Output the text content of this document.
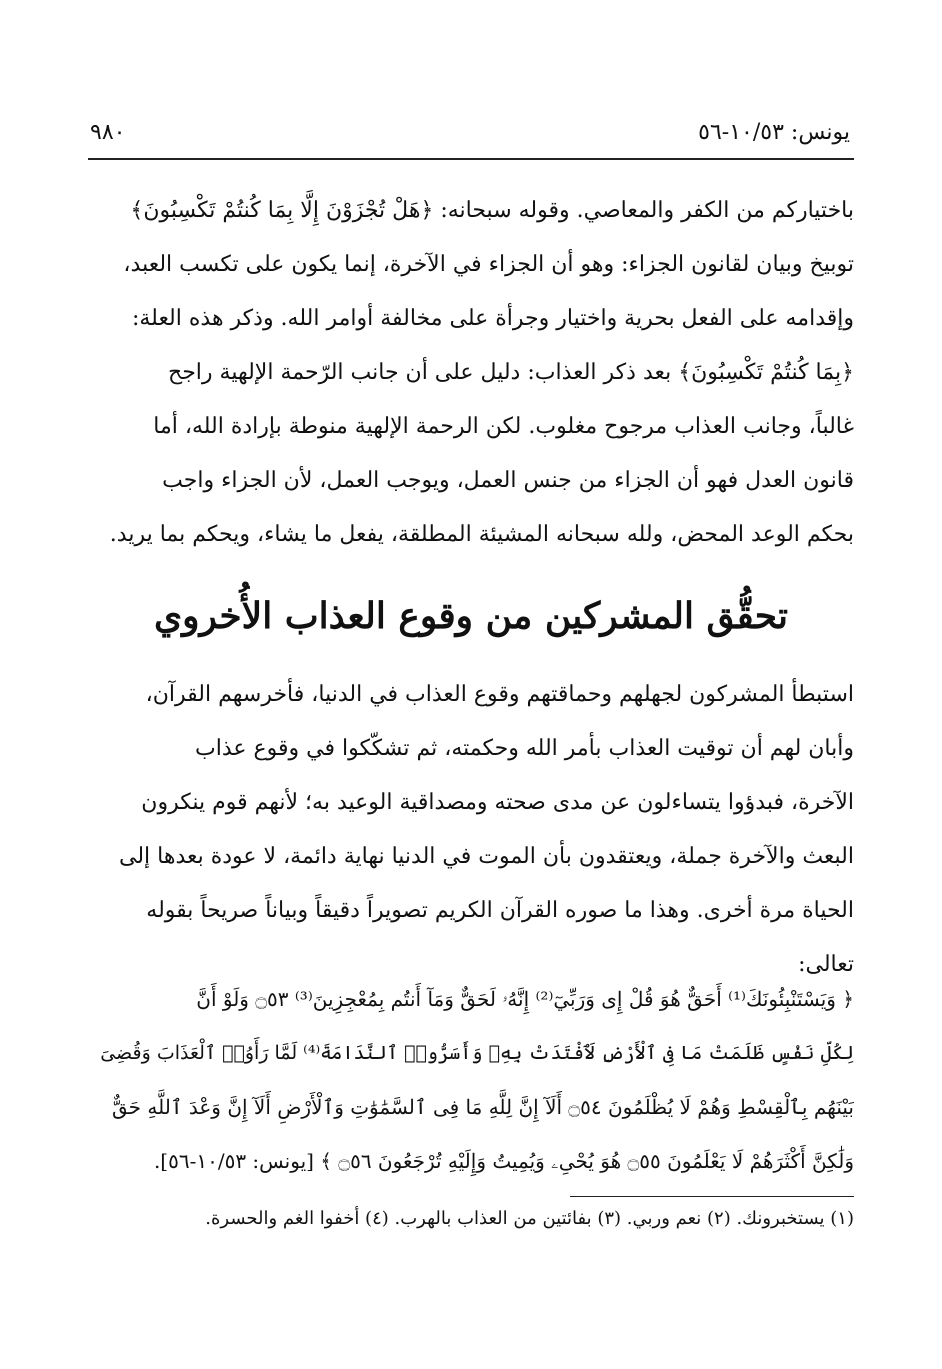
يونس: ١٠/٥٣-٥٦
٩٨٠
باختياركم من الكفر والمعاصي. وقوله سبحانه: ﴿هَلْ تُجْزَوْنَ إِلَّا بِمَا كُنتُمْ تَكْسِبُونَ﴾
توبيخ وبيان لقانون الجزاء: وهو أن الجزاء في الآخرة، إنما يكون على تكسب العبد،
وإقدامه على الفعل بحرية واختيار وجرأة على مخالفة أوامر الله. وذكر هذه العلة:
﴿بِمَا كُنتُمْ تَكْسِبُونَ﴾ بعد ذكر العذاب: دليل على أن جانب الرّحمة الإلهية راجح
غالباً، وجانب العذاب مرجوح مغلوب. لكن الرحمة الإلهية منوطة بإرادة الله، أما
قانون العدل فهو أن الجزاء من جنس العمل، ويوجب العمل، لأن الجزاء واجب
بحكم الوعد المحض، ولله سبحانه المشيئة المطلقة، يفعل ما يشاء، ويحكم بما يريد.
تحقُّق المشركين من وقوع العذاب الأُخروي
استبطأ المشركون لجهلهم وحماقتهم وقوع العذاب في الدنيا، فأخرسهم القرآن،
وأبان لهم أن توقيت العذاب بأمر الله وحكمته، ثم تشكّكوا في وقوع عذاب
الآخرة، فبدؤوا يتساءلون عن مدى صحته ومصداقية الوعيد به؛ لأنهم قوم ينكرون
البعث والآخرة جملة، ويعتقدون بأن الموت في الدنيا نهاية دائمة، لا عودة بعدها إلى
الحياة مرة أخرى. وهذا ما صوره القرآن الكريم تصويراً دقيقاً وبياناً صريحاً بقوله
تعالى:
﴿ وَيَسْتَنْبِئُونَكَ⁽¹⁾ أَحَقٌّ هُوَ قُلْ إِى وَرَبِّيٓ⁽²⁾ إِنَّهُۥ لَحَقٌّ وَمَآ أَنتُم بِمُعْجِزِينَ⁽³⁾ ۝٥٣ وَلَوْ أَنَّ
لِكُلِّ نَفْسٍ ظَلَمَتْ مَا فِى ٱلْأَرْضِ لَٱفْتَدَتْ بِهِۦ وَأَسَرُّوا۟ ٱلنَّدَامَةَ⁽⁴⁾ لَمَّا رَأَوُا۟ ٱلْعَذَابَ وَقُضِىَ
بَيْنَهُم بِٱلْقِسْطِ وَهُمْ لَا يُظْلَمُونَ ۝٥٤ أَلَآ إِنَّ لِلَّهِ مَا فِى ٱلسَّمَٰوَٰتِ وَٱلْأَرْضِ أَلَآ إِنَّ وَعْدَ ٱللَّهِ حَقٌّ
وَلَٰكِنَّ أَكْثَرَهُمْ لَا يَعْلَمُونَ ۝٥٥ هُوَ يُحْىِۦ وَيُمِيتُ وَإِلَيْهِ تُرْجَعُونَ ۝٥٦ ﴾ [يونس: ١٠/٥٣-٥٦].
(١) يستخبرونك. (٢) نعم وربي. (٣) بفائتين من العذاب بالهرب. (٤) أخفوا الغم والحسرة.
